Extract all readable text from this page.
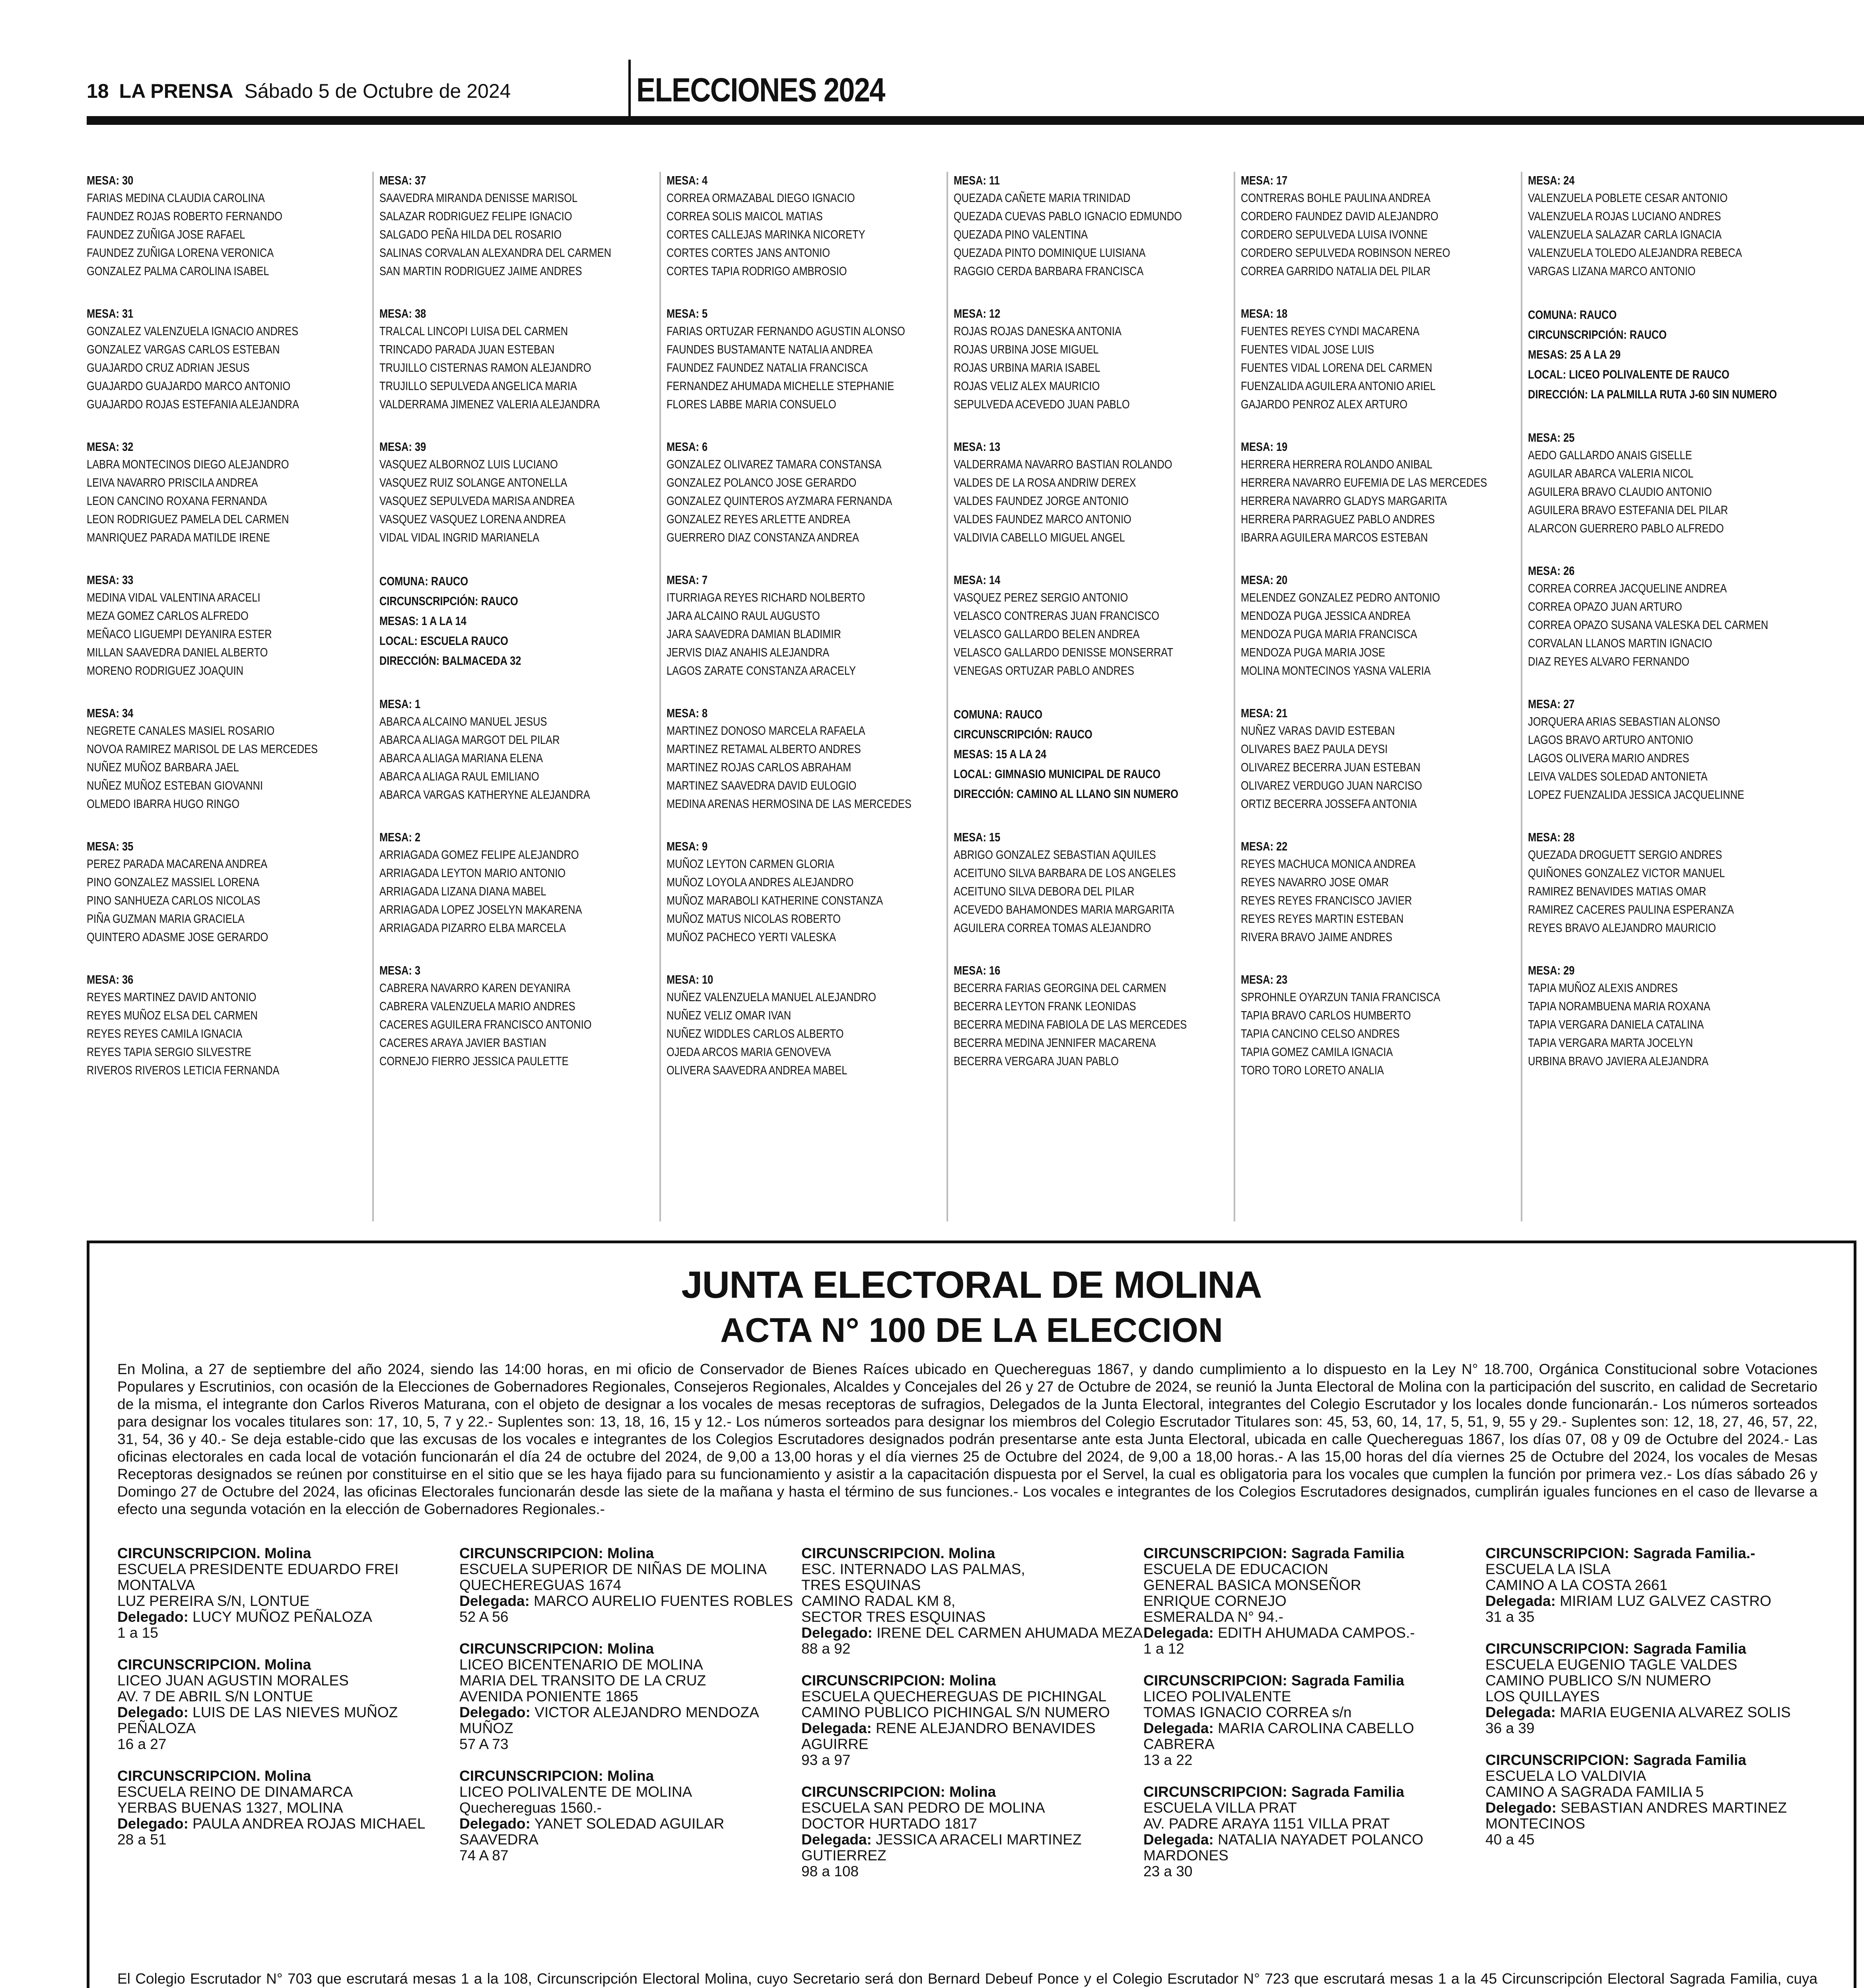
18 LA PRENSA Sábado 5 de Octubre de 2024	ELECCIONES 2024
MESA: 30
FARIAS MEDINA CLAUDIA CAROLINA
FAUNDEZ ROJAS ROBERTO FERNANDO
FAUNDEZ ZUÑIGA JOSE RAFAEL
FAUNDEZ ZUÑIGA LORENA VERONICA
GONZALEZ PALMA CAROLINA ISABEL
MESA: 31
GONZALEZ VALENZUELA IGNACIO ANDRES
GONZALEZ VARGAS CARLOS ESTEBAN
GUAJARDO CRUZ ADRIAN JESUS
GUAJARDO GUAJARDO MARCO ANTONIO
GUAJARDO ROJAS ESTEFANIA ALEJANDRA
MESA: 32
LABRA MONTECINOS DIEGO ALEJANDRO
LEIVA NAVARRO PRISCILA ANDREA
LEON CANCINO ROXANA FERNANDA
LEON RODRIGUEZ PAMELA DEL CARMEN
MANRIQUEZ PARADA MATILDE IRENE
MESA: 33
MEDINA VIDAL VALENTINA ARACELI
MEZA GOMEZ CARLOS ALFREDO
MEÑACO LIGUEMPI DEYANIRA ESTER
MILLAN SAAVEDRA DANIEL ALBERTO
MORENO RODRIGUEZ JOAQUIN
MESA: 34
NEGRETE CANALES MASIEL ROSARIO
NOVOA RAMIREZ MARISOL DE LAS MERCEDES
NUÑEZ MUÑOZ BARBARA JAEL
NUÑEZ MUÑOZ ESTEBAN GIOVANNI
OLMEDO IBARRA HUGO RINGO
MESA: 35
PEREZ PARADA MACARENA ANDREA
PINO GONZALEZ MASSIEL LORENA
PINO SANHUEZA CARLOS NICOLAS
PIÑA GUZMAN MARIA GRACIELA
QUINTERO ADASME JOSE GERARDO
MESA: 36
REYES MARTINEZ DAVID ANTONIO
REYES MUÑOZ ELSA DEL CARMEN
REYES REYES CAMILA IGNACIA
REYES TAPIA SERGIO SILVESTRE
RIVEROS RIVEROS LETICIA FERNANDA
MESA: 37
SAAVEDRA MIRANDA DENISSE MARISOL
SALAZAR RODRIGUEZ FELIPE IGNACIO
SALGADO PEÑA HILDA DEL ROSARIO
SALINAS CORVALAN ALEXANDRA DEL CARMEN
SAN MARTIN RODRIGUEZ JAIME ANDRES
MESA: 38
TRALCAL LINCOPI LUISA DEL CARMEN
TRINCADO PARADA JUAN ESTEBAN
TRUJILLO CISTERNAS RAMON ALEJANDRO
TRUJILLO SEPULVEDA ANGELICA MARIA
VALDERRAMA JIMENEZ VALERIA ALEJANDRA
MESA: 39
VASQUEZ ALBORNOZ LUIS LUCIANO
VASQUEZ RUIZ SOLANGE ANTONELLA
VASQUEZ SEPULVEDA MARISA ANDREA
VASQUEZ VASQUEZ LORENA ANDREA
VIDAL VIDAL INGRID MARIANELA
COMUNA: RAUCO
CIRCUNSCRIPCIÓN: RAUCO
MESAS: 1 A LA 14
LOCAL: ESCUELA RAUCO
DIRECCIÓN: BALMACEDA 32
MESA: 1
ABARCA ALCAINO MANUEL JESUS
ABARCA ALIAGA MARGOT DEL PILAR
ABARCA ALIAGA MARIANA ELENA
ABARCA ALIAGA RAUL EMILIANO
ABARCA VARGAS KATHERYNE ALEJANDRA
MESA: 2
ARRIAGADA GOMEZ FELIPE ALEJANDRO
ARRIAGADA LEYTON MARIO ANTONIO
ARRIAGADA LIZANA DIANA MABEL
ARRIAGADA LOPEZ JOSELYN MAKARENA
ARRIAGADA PIZARRO ELBA MARCELA
MESA: 3
CABRERA NAVARRO KAREN DEYANIRA
CABRERA VALENZUELA MARIO ANDRES
CACERES AGUILERA FRANCISCO ANTONIO
CACERES ARAYA JAVIER BASTIAN
CORNEJO FIERRO JESSICA PAULETTE
MESA: 4
CORREA ORMAZABAL DIEGO IGNACIO
CORREA SOLIS MAICOL MATIAS
CORTES CALLEJAS MARINKA NICORETY
CORTES CORTES JANS ANTONIO
CORTES TAPIA RODRIGO AMBROSIO
MESA: 5
FARIAS ORTUZAR FERNANDO AGUSTIN ALONSO
FAUNDES BUSTAMANTE NATALIA ANDREA
FAUNDEZ FAUNDEZ NATALIA FRANCISCA
FERNANDEZ AHUMADA MICHELLE STEPHANIE
FLORES LABBE MARIA CONSUELO
MESA: 6
GONZALEZ OLIVAREZ TAMARA CONSTANSA
GONZALEZ POLANCO JOSE GERARDO
GONZALEZ QUINTEROS AYZMARA FERNANDA
GONZALEZ REYES ARLETTE ANDREA
GUERRERO DIAZ CONSTANZA ANDREA
MESA: 7
ITURRIAGA REYES RICHARD NOLBERTO
JARA ALCAINO RAUL AUGUSTO
JARA SAAVEDRA DAMIAN BLADIMIR
JERVIS DIAZ ANAHIS ALEJANDRA
LAGOS ZARATE CONSTANZA ARACELY
MESA: 8
MARTINEZ DONOSO MARCELA RAFAELA
MARTINEZ RETAMAL ALBERTO ANDRES
MARTINEZ ROJAS CARLOS ABRAHAM
MARTINEZ SAAVEDRA DAVID EULOGIO
MEDINA ARENAS HERMOSINA DE LAS MERCEDES
MESA: 9
MUÑOZ LEYTON CARMEN GLORIA
MUÑOZ LOYOLA ANDRES ALEJANDRO
MUÑOZ MARABOLI KATHERINE CONSTANZA
MUÑOZ MATUS NICOLAS ROBERTO
MUÑOZ PACHECO YERTI VALESKA
MESA: 10
NUÑEZ VALENZUELA MANUEL ALEJANDRO
NUÑEZ VELIZ OMAR IVAN
NUÑEZ WIDDLES CARLOS ALBERTO
OJEDA ARCOS MARIA GENOVEVA
OLIVERA SAAVEDRA ANDREA MABEL
MESA: 11
QUEZADA CAÑETE MARIA TRINIDAD
QUEZADA CUEVAS PABLO IGNACIO EDMUNDO
QUEZADA PINO VALENTINA
QUEZADA PINTO DOMINIQUE LUISIANA
RAGGIO CERDA BARBARA FRANCISCA
MESA: 12
ROJAS ROJAS DANESKA ANTONIA
ROJAS URBINA JOSE MIGUEL
ROJAS URBINA MARIA ISABEL
ROJAS VELIZ ALEX MAURICIO
SEPULVEDA ACEVEDO JUAN PABLO
MESA: 13
VALDERRAMA NAVARRO BASTIAN ROLANDO
VALDES DE LA ROSA ANDRIW DEREX
VALDES FAUNDEZ JORGE ANTONIO
VALDES FAUNDEZ MARCO ANTONIO
VALDIVIA CABELLO MIGUEL ANGEL
MESA: 14
VASQUEZ PEREZ SERGIO ANTONIO
VELASCO CONTRERAS JUAN FRANCISCO
VELASCO GALLARDO BELEN ANDREA
VELASCO GALLARDO DENISSE MONSERRAT
VENEGAS ORTUZAR PABLO ANDRES
COMUNA: RAUCO
CIRCUNSCRIPCIÓN: RAUCO
MESAS: 15 A LA 24
LOCAL: GIMNASIO MUNICIPAL DE RAUCO
DIRECCIÓN: CAMINO AL LLANO SIN NUMERO
MESA: 15
ABRIGO GONZALEZ SEBASTIAN AQUILES
ACEITUNO SILVA BARBARA DE LOS ANGELES
ACEITUNO SILVA DEBORA DEL PILAR
ACEVEDO BAHAMONDES MARIA MARGARITA
AGUILERA CORREA TOMAS ALEJANDRO
MESA: 16
BECERRA FARIAS GEORGINA DEL CARMEN
BECERRA LEYTON FRANK LEONIDAS
BECERRA MEDINA FABIOLA DE LAS MERCEDES
BECERRA MEDINA JENNIFER MACARENA
BECERRA VERGARA JUAN PABLO
MESA: 17
CONTRERAS BOHLE PAULINA ANDREA
CORDERO FAUNDEZ DAVID ALEJANDRO
CORDERO SEPULVEDA LUISA IVONNE
CORDERO SEPULVEDA ROBINSON NEREO
CORREA GARRIDO NATALIA DEL PILAR
MESA: 18
FUENTES REYES CYNDI MACARENA
FUENTES VIDAL JOSE LUIS
FUENTES VIDAL LORENA DEL CARMEN
FUENZALIDA AGUILERA ANTONIO ARIEL
GAJARDO PENROZ ALEX ARTURO
MESA: 19
HERRERA HERRERA ROLANDO ANIBAL
HERRERA NAVARRO EUFEMIA DE LAS MERCEDES
HERRERA NAVARRO GLADYS MARGARITA
HERRERA PARRAGUEZ PABLO ANDRES
IBARRA AGUILERA MARCOS ESTEBAN
MESA: 20
MELENDEZ GONZALEZ PEDRO ANTONIO
MENDOZA PUGA JESSICA ANDREA
MENDOZA PUGA MARIA FRANCISCA
MENDOZA PUGA MARIA JOSE
MOLINA MONTECINOS YASNA VALERIA
MESA: 21
NUÑEZ VARAS DAVID ESTEBAN
OLIVARES BAEZ PAULA DEYSI
OLIVAREZ BECERRA JUAN ESTEBAN
OLIVAREZ VERDUGO JUAN NARCISO
ORTIZ BECERRA JOSSEFA ANTONIA
MESA: 22
REYES MACHUCA MONICA ANDREA
REYES NAVARRO JOSE OMAR
REYES REYES FRANCISCO JAVIER
REYES REYES MARTIN ESTEBAN
RIVERA BRAVO JAIME ANDRES
MESA: 23
SPROHNLE OYARZUN TANIA FRANCISCA
TAPIA BRAVO CARLOS HUMBERTO
TAPIA CANCINO CELSO ANDRES
TAPIA GOMEZ CAMILA IGNACIA
TORO TORO LORETO ANALIA
MESA: 24
VALENZUELA POBLETE CESAR ANTONIO
VALENZUELA ROJAS LUCIANO ANDRES
VALENZUELA SALAZAR CARLA IGNACIA
VALENZUELA TOLEDO ALEJANDRA REBECA
VARGAS LIZANA MARCO ANTONIO
COMUNA: RAUCO
CIRCUNSCRIPCIÓN: RAUCO
MESAS: 25 A LA 29
LOCAL: LICEO POLIVALENTE DE RAUCO
DIRECCIÓN: LA PALMILLA RUTA J-60 SIN NUMERO
MESA: 25
AEDO GALLARDO ANAIS GISELLE
AGUILAR ABARCA VALERIA NICOL
AGUILERA BRAVO CLAUDIO ANTONIO
AGUILERA BRAVO ESTEFANIA DEL PILAR
ALARCON GUERRERO PABLO ALFREDO
MESA: 26
CORREA CORREA JACQUELINE ANDREA
CORREA OPAZO JUAN ARTURO
CORREA OPAZO SUSANA VALESKA DEL CARMEN
CORVALAN LLANOS MARTIN IGNACIO
DIAZ REYES ALVARO FERNANDO
MESA: 27
JORQUERA ARIAS SEBASTIAN ALONSO
LAGOS BRAVO ARTURO ANTONIO
LAGOS OLIVERA MARIO ANDRES
LEIVA VALDES SOLEDAD ANTONIETA
LOPEZ FUENZALIDA JESSICA JACQUELINNE
MESA: 28
QUEZADA DROGUETT SERGIO ANDRES
QUIÑONES GONZALEZ VICTOR MANUEL
RAMIREZ BENAVIDES MATIAS OMAR
RAMIREZ CACERES PAULINA ESPERANZA
REYES BRAVO ALEJANDRO MAURICIO
MESA: 29
TAPIA MUÑOZ ALEXIS ANDRES
TAPIA NORAMBUENA MARIA ROXANA
TAPIA VERGARA DANIELA CATALINA
TAPIA VERGARA MARTA JOCELYN
URBINA BRAVO JAVIERA ALEJANDRA
JUNTA ELECTORAL DE MOLINA
ACTA N° 100 DE LA ELECCION
En Molina, a 27 de septiembre del año 2024, siendo las 14:00 horas, en mi oficio de Conservador de Bienes Raíces ubicado en Quechereguas 1867, y dando cumplimiento a lo dispuesto en la Ley N° 18.700, Orgánica Constitucional sobre Votaciones Populares y Escrutinios, con ocasión de la Elecciones de Gobernadores Regionales, Consejeros Regionales, Alcaldes y Concejales del 26 y 27 de Octubre de 2024, se reunió la Junta Electoral de Molina con la participación del suscrito, en calidad de Secretario de la misma, el integrante don Carlos Riveros Maturana, con el objeto de designar a los vocales de mesas receptoras de sufragios, Delegados de la Junta Electoral, integrantes del Colegio Escrutador y los locales donde funcionarán.- Los números sorteados para designar los vocales titulares son: 17, 10, 5, 7 y 22.- Suplentes son: 13, 18, 16, 15 y 12.- Los números sorteados para designar los miembros del Colegio Escrutador Titulares son: 45, 53, 60, 14, 17, 5, 51, 9, 55 y 29.- Suplentes son: 12, 18, 27, 46, 57, 22, 31, 54, 36 y 40.- Se deja estable-cido que las excusas de los vocales e integrantes de los Colegios Escrutadores designados podrán presentarse ante esta Junta Electoral, ubicada en calle Quechereguas 1867, los días 07, 08 y 09 de Octubre del 2024.- Las oficinas electorales en cada local de votación funcionarán el día 24 de octubre del 2024, de 9,00 a 13,00 horas y el día viernes 25 de Octubre del 2024, de 9,00 a 18,00 horas.- A las 15,00 horas del día viernes 25 de Octubre del 2024, los vocales de Mesas Receptoras designados se reúnen por constituirse en el sitio que se les haya fijado para su funcionamiento y asistir a la capacitación dispuesta por el Servel, la cual es obligatoria para los vocales que cumplen la función por primera vez.- Los días sábado 26 y Domingo 27 de Octubre del 2024, las oficinas Electorales funcionarán desde las siete de la mañana y hasta el término de sus funciones.- Los vocales e integrantes de los Colegios Escrutadores designados, cumplirán iguales funciones en el caso de llevarse a efecto una segunda votación en la elección de Gobernadores Regionales.-
CIRCUNSCRIPCION. Molina
ESCUELA PRESIDENTE EDUARDO FREI MONTALVA
LUZ PEREIRA S/N, LONTUE
Delegado: LUCY MUÑOZ PEÑALOZA
1 a 15
CIRCUNSCRIPCION. Molina
LICEO JUAN AGUSTIN MORALES
AV. 7 DE ABRIL S/N LONTUE
Delegado: LUIS DE LAS NIEVES MUÑOZ PEÑALOZA
16 a 27
CIRCUNSCRIPCION. Molina
ESCUELA REINO DE DINAMARCA
YERBAS BUENAS 1327, MOLINA
Delegado: PAULA ANDREA ROJAS MICHAEL
28 a 51
CIRCUNSCRIPCION: Molina
ESCUELA SUPERIOR DE NIÑAS DE MOLINA
QUECHEREGUAS 1674
Delegada: MARCO AURELIO FUENTES ROBLES
52 A 56
CIRCUNSCRIPCION: Molina
LICEO BICENTENARIO DE MOLINA
MARIA DEL TRANSITO DE LA CRUZ
AVENIDA PONIENTE 1865
Delegado: VICTOR ALEJANDRO MENDOZA MUÑOZ
57 A 73
CIRCUNSCRIPCION: Molina
LICEO POLIVALENTE DE MOLINA
Quechereguas 1560.-
Delegado: YANET SOLEDAD AGUILAR SAAVEDRA
74 A 87
CIRCUNSCRIPCION. Molina
ESC. INTERNADO LAS PALMAS,
TRES ESQUINAS
CAMINO RADAL KM 8,
SECTOR TRES ESQUINAS
Delegado: IRENE DEL CARMEN AHUMADA MEZA
88 a 92
CIRCUNSCRIPCION: Molina
ESCUELA QUECHEREGUAS DE PICHINGAL
CAMINO PUBLICO PICHINGAL S/N NUMERO
Delegada: RENE ALEJANDRO BENAVIDES AGUIRRE
93 a 97
CIRCUNSCRIPCION: Molina
ESCUELA SAN PEDRO DE MOLINA
DOCTOR HURTADO 1817
Delegada: JESSICA ARACELI MARTINEZ GUTIERREZ
98 a 108
CIRCUNSCRIPCION: Sagrada Familia
ESCUELA DE EDUCACION
GENERAL BASICA MONSEÑOR
ENRIQUE CORNEJO
ESMERALDA N° 94.-
Delegada: EDITH AHUMADA CAMPOS.-
1 a 12
CIRCUNSCRIPCION: Sagrada Familia
LICEO POLIVALENTE
TOMAS IGNACIO CORREA s/n
Delegada: MARIA CAROLINA CABELLO CABRERA
13 a 22
CIRCUNSCRIPCION: Sagrada Familia
ESCUELA VILLA PRAT
AV. PADRE ARAYA 1151 VILLA PRAT
Delegada: NATALIA NAYADET POLANCO MARDONES
23 a 30
CIRCUNSCRIPCION: Sagrada Familia.-
ESCUELA LA ISLA
CAMINO A LA COSTA 2661
Delegada: MIRIAM LUZ GALVEZ CASTRO
31 a 35
CIRCUNSCRIPCION: Sagrada Familia
ESCUELA EUGENIO TAGLE VALDES
CAMINO PUBLICO S/N NUMERO
LOS QUILLAYES
Delegada: MARIA EUGENIA ALVAREZ SOLIS
36 a 39
CIRCUNSCRIPCION: Sagrada Familia
ESCUELA LO VALDIVIA
CAMINO A SAGRADA FAMILIA 5
Delegado: SEBASTIAN ANDRES MARTINEZ MONTECINOS
40 a 45
El Colegio Escrutador N° 703 que escrutará mesas 1 a la 108, Circunscripción Electoral Molina, cuyo Secretario será don Bernard Debeuf Ponce y el Colegio Escrutador N° 723 que escrutará mesas 1 a la 45 Circunscripción Electoral Sagrada Familia, cuya
